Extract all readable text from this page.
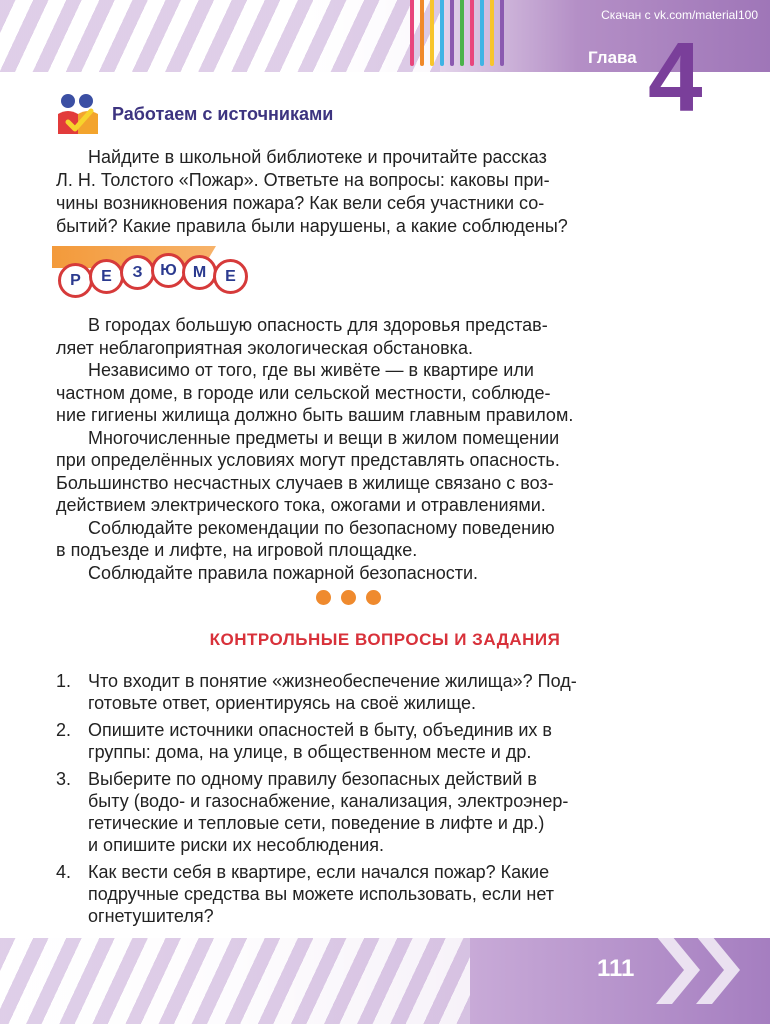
Скачан с vk.com/material100
Глава 4
Работаем с источниками

Найдите в школьной библиотеке и прочитайте рассказ
Л. Н. Толстого «Пожар». Ответьте на вопросы: каковы при-
чины возникновения пожара? Как вели себя участники со-
бытий? Какие правила были нарушены, а какие соблюдены?

Р	Е	З	Ю	М	Е

В городах большую опасность для здоровья представ-
ляет неблагоприятная экологическая обстановка.
Независимо от того, где вы живёте — в квартире или
частном доме, в городе или сельской местности, соблюде-
ние гигиены жилища должно быть вашим главным правилом.
Многочисленные предметы и вещи в жилом помещении
при определённых условиях могут представлять опасность.
Большинство несчастных случаев в жилище связано с воз-
действием электрического тока, ожогами и отравлениями.
Соблюдайте рекомендации по безопасному поведению
в подъезде и лифте, на игровой площадке.
Соблюдайте правила пожарной безопасности.

КОНТРОЛЬНЫЕ ВОПРОСЫ И ЗАДАНИЯ
1. Что входит в понятие «жизнеобеспечение жилища»? Под-
готовьте ответ, ориентируясь на своё жилище.
2. Опишите источники опасностей в быту, объединив их в
группы: дома, на улице, в общественном месте и др.
3. Выберите по одному правилу безопасных действий в
быту (водо- и газоснабжение, канализация, электроэнер-
гетические и тепловые сети, поведение в лифте и др.)
и опишите риски их несоблюдения.
4. Как вести себя в квартире, если начался пожар? Какие
подручные средства вы можете использовать, если нет
огнетушителя?
111
